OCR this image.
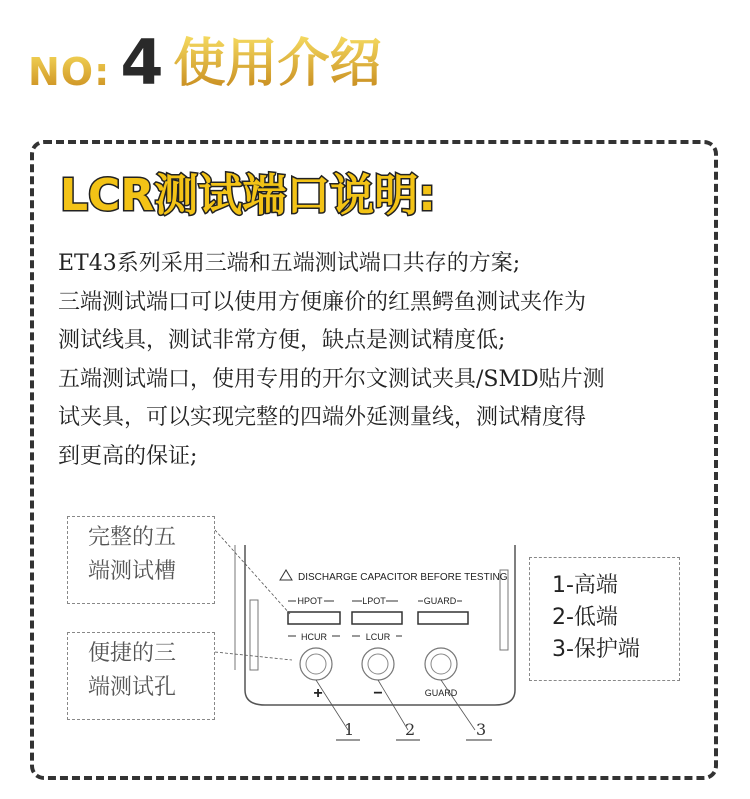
NO: 4 使用介绍
LCR测试端口说明:

ET43系列采用三端和五端测试端口共存的方案;

三端测试端口可以使用方便廉价的红黑鳄鱼测试夹作为

测试线具，测试非常方便，缺点是测试精度低;

五端测试端口，使用专用的开尔文测试夹具/SMD贴片测

试夹具，可以实现完整的四端外延测量线，测试精度得

到更高的保证;

完整的五
端测试槽
便捷的三
端测试孔
1-高端
2-低端
3-保护端
DISCHARGE CAPACITOR BEFORE TESTING
HPOT	LPOT	GUARD
HCUR	LCUR
+	−	GUARD
1	2	3
